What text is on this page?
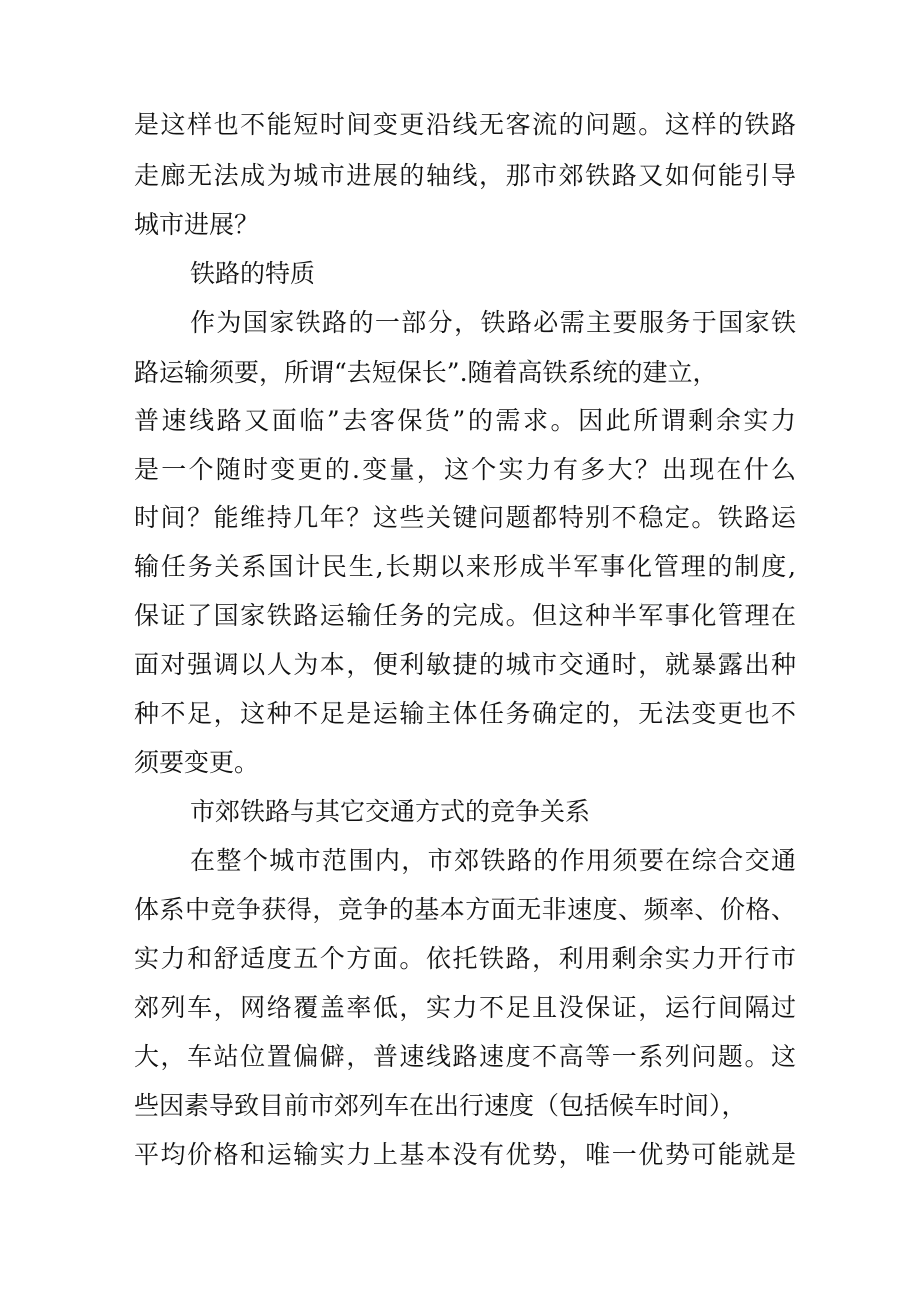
是这样也不能短时间变更沿线无客流的问题。这样的铁路
走廊无法成为城市进展的轴线，那市郊铁路又如何能引导
城市进展？
铁路的特质
作为国家铁路的一部分，铁路必需主要服务于国家铁
路运输须要，所谓“去短保长”.随着高铁系统的建立，
普速线路又面临”去客保货”的需求。因此所谓剩余实力
是一个随时变更的.变量，这个实力有多大？出现在什么
时间？能维持几年？这些关键问题都特别不稳定。铁路运
输任务关系国计民生,长期以来形成半军事化管理的制度,
保证了国家铁路运输任务的完成。但这种半军事化管理在
面对强调以人为本，便利敏捷的城市交通时，就暴露出种
种不足，这种不足是运输主体任务确定的，无法变更也不
须要变更。
市郊铁路与其它交通方式的竞争关系
在整个城市范围内，市郊铁路的作用须要在综合交通
体系中竞争获得，竞争的基本方面无非速度、频率、价格、
实力和舒适度五个方面。依托铁路，利用剩余实力开行市
郊列车，网络覆盖率低，实力不足且没保证，运行间隔过
大，车站位置偏僻，普速线路速度不高等一系列问题。这
些因素导致目前市郊列车在出行速度（包括候车时间），
平均价格和运输实力上基本没有优势，唯一优势可能就是
